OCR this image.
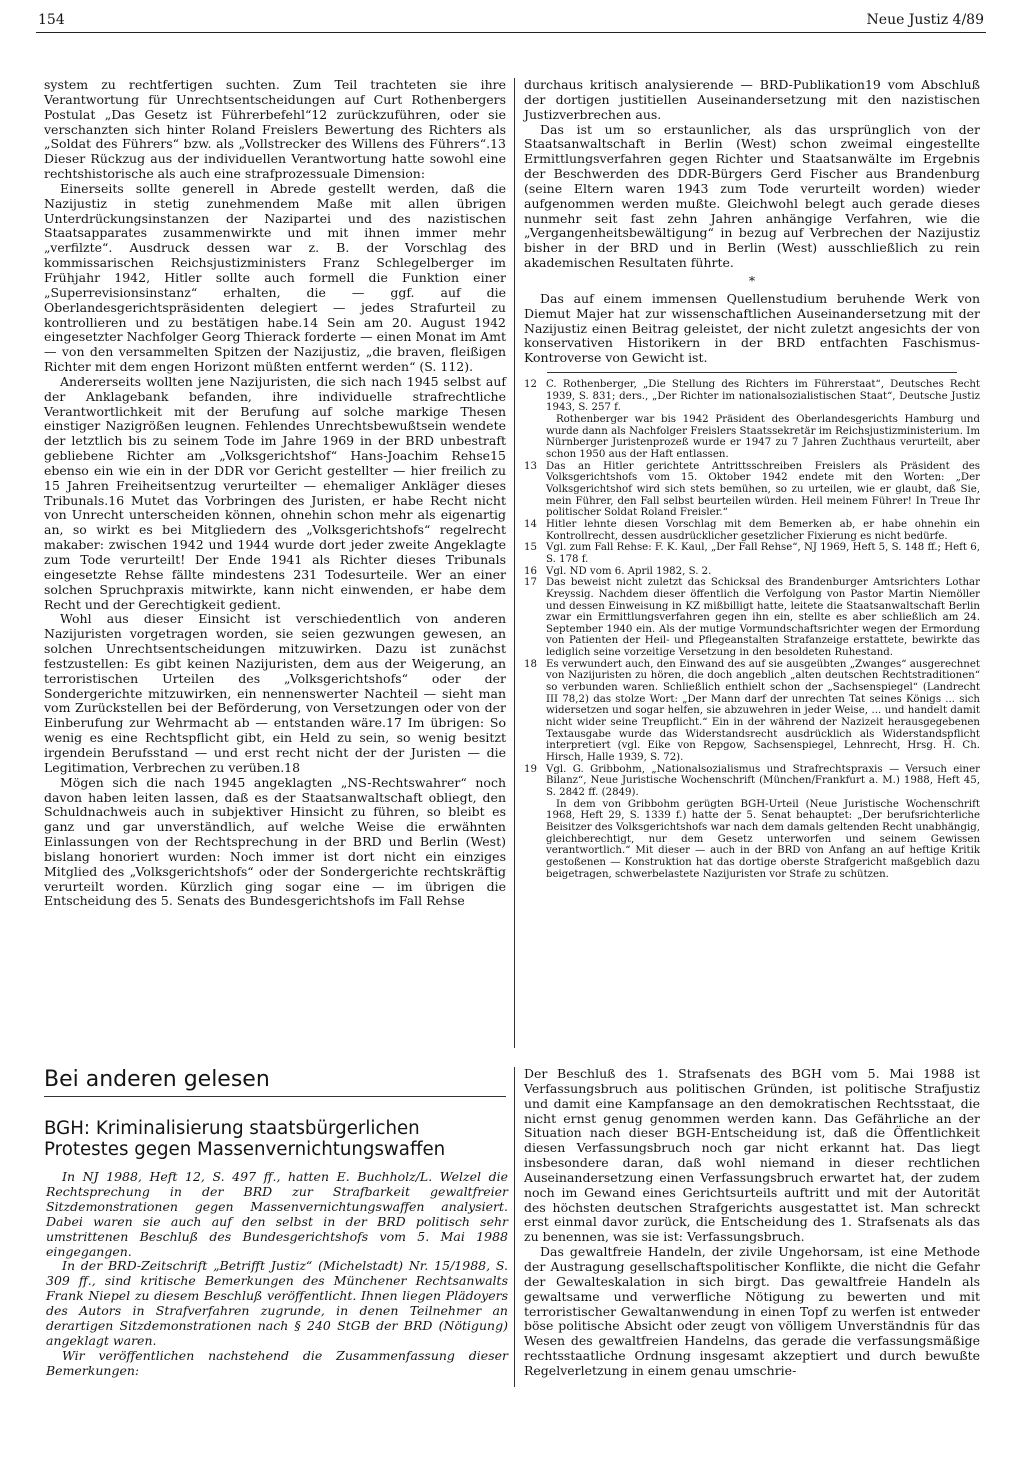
154	Neue Justiz 4/89

system zu rechtfertigen suchten. Zum Teil trachteten sie ihre Verantwortung für Unrechtsentscheidungen auf Curt Rothenbergers Postulat „Das Gesetz ist Führerbefehl“12 zurückzuführen, oder sie verschanzten sich hinter Roland Freislers Bewertung des Richters als „Soldat des Führers“ bzw. als „Vollstrecker des Willens des Führers“.13 Dieser Rückzug aus der individuellen Verantwortung hatte sowohl eine rechtshistorische als auch eine strafprozessuale Dimension:

Einerseits sollte generell in Abrede gestellt werden, daß die Nazijustiz in stetig zunehmendem Maße mit allen übrigen Unterdrückungsinstanzen der Nazipartei und des nazistischen Staatsapparates zusammenwirkte und mit ihnen immer mehr „verfilzte“. Ausdruck dessen war z. B. der Vorschlag des kommissarischen Reichsjustizministers Franz Schlegelberger im Frühjahr 1942, Hitler sollte auch formell die Funktion einer „Superrevisionsinstanz“ erhalten, die — ggf. auf die Oberlandesgerichtspräsidenten delegiert — jedes Strafurteil zu kontrollieren und zu bestätigen habe.14 Sein am 20. August 1942 eingesetzter Nachfolger Georg Thierack forderte — einen Monat im Amt — von den versammelten Spitzen der Nazijustiz, „die braven, fleißigen Richter mit dem engen Horizont müßten entfernt werden“ (S. 112).

Andererseits wollten jene Nazijuristen, die sich nach 1945 selbst auf der Anklagebank befanden, ihre individuelle strafrechtliche Verantwortlichkeit mit der Berufung auf solche markige Thesen einstiger Nazigrößen leugnen. Fehlendes Unrechtsbewußtsein wendete der letztlich bis zu seinem Tode im Jahre 1969 in der BRD unbestraft gebliebene Richter am „Volksgerichtshof“ Hans-Joachim Rehse15 ebenso ein wie ein in der DDR vor Gericht gestellter — hier freilich zu 15 Jahren Freiheitsentzug verurteilter — ehemaliger Ankläger dieses Tribunals.16 Mutet das Vorbringen des Juristen, er habe Recht nicht von Unrecht unterscheiden können, ohnehin schon mehr als eigenartig an, so wirkt es bei Mitgliedern des „Volksgerichtshofs“ regelrecht makaber: zwischen 1942 und 1944 wurde dort jeder zweite Angeklagte zum Tode verurteilt! Der Ende 1941 als Richter dieses Tribunals eingesetzte Rehse fällte mindestens 231 Todesurteile. Wer an einer solchen Spruchpraxis mitwirkte, kann nicht einwenden, er habe dem Recht und der Gerechtigkeit gedient.

Wohl aus dieser Einsicht ist verschiedentlich von anderen Nazijuristen vorgetragen worden, sie seien gezwungen gewesen, an solchen Unrechtsentscheidungen mitzuwirken. Dazu ist zunächst festzustellen: Es gibt keinen Nazijuristen, dem aus der Weigerung, an terroristischen Urteilen des „Volksgerichtshofs“ oder der Sondergerichte mitzuwirken, ein nennenswerter Nachteil — sieht man vom Zurückstellen bei der Beförderung, von Versetzungen oder von der Einberufung zur Wehrmacht ab — entstanden wäre.17 Im übrigen: So wenig es eine Rechtspflicht gibt, ein Held zu sein, so wenig besitzt irgendein Berufsstand — und erst recht nicht der der Juristen — die Legitimation, Verbrechen zu verüben.18

Mögen sich die nach 1945 angeklagten „NS-Rechtswahrer“ noch davon haben leiten lassen, daß es der Staatsanwaltschaft obliegt, den Schuldnachweis auch in subjektiver Hinsicht zu führen, so bleibt es ganz und gar unverständlich, auf welche Weise die erwähnten Einlassungen von der Rechtsprechung in der BRD und Berlin (West) bislang honoriert wurden: Noch immer ist dort nicht ein einziges Mitglied des „Volksgerichtshofs“ oder der Sondergerichte rechtskräftig verurteilt worden. Kürzlich ging sogar eine — im übrigen die Entscheidung des 5. Senats des Bundesgerichtshofs im Fall Rehse

durchaus kritisch analysierende — BRD-Publikation19 vom Abschluß der dortigen justitiellen Auseinandersetzung mit den nazistischen Justizverbrechen aus.

Das ist um so erstaunlicher, als das ursprünglich von der Staatsanwaltschaft in Berlin (West) schon zweimal eingestellte Ermittlungsverfahren gegen Richter und Staatsanwälte im Ergebnis der Beschwerden des DDR-Bürgers Gerd Fischer aus Brandenburg (seine Eltern waren 1943 zum Tode verurteilt worden) wieder aufgenommen werden mußte. Gleichwohl belegt auch gerade dieses nunmehr seit fast zehn Jahren anhängige Verfahren, wie die „Vergangenheitsbewältigung“ in bezug auf Verbrechen der Nazijustiz bisher in der BRD und in Berlin (West) ausschließlich zu rein akademischen Resultaten führte.

*

Das auf einem immensen Quellenstudium beruhende Werk von Diemut Majer hat zur wissenschaftlichen Auseinandersetzung mit der Nazijustiz einen Beitrag geleistet, der nicht zuletzt angesichts der von konservativen Historikern in der BRD entfachten Faschismus-Kontroverse von Gewicht ist.

12 C. Rothenberger, „Die Stellung des Richters im Führerstaat“, Deutsches Recht 1939, S. 831; ders., „Der Richter im nationalsozialistischen Staat“, Deutsche Justiz 1943, S. 257 f.
Rothenberger war bis 1942 Präsident des Oberlandesgerichts Hamburg und wurde dann als Nachfolger Freislers Staatssekretär im Reichsjustizministerium. Im Nürnberger Juristenprozeß wurde er 1947 zu 7 Jahren Zuchthaus verurteilt, aber schon 1950 aus der Haft entlassen.
13 Das an Hitler gerichtete Antrittsschreiben Freislers als Präsident des Volksgerichtshofs vom 15. Oktober 1942 endete mit den Worten: „Der Volksgerichtshof wird sich stets bemühen, so zu urteilen, wie er glaubt, daß Sie, mein Führer, den Fall selbst beurteilen würden. Heil meinem Führer! In Treue Ihr politischer Soldat Roland Freisler.“
14 Hitler lehnte diesen Vorschlag mit dem Bemerken ab, er habe ohnehin ein Kontrollrecht, dessen ausdrücklicher gesetzlicher Fixierung es nicht bedürfe.
15 Vgl. zum Fall Rehse: F. K. Kaul, „Der Fall Rehse“, NJ 1969, Heft 5, S. 148 ff.; Heft 6, S. 178 f.
16 Vgl. ND vom 6. April 1982, S. 2.
17 Das beweist nicht zuletzt das Schicksal des Brandenburger Amtsrichters Lothar Kreyssig. Nachdem dieser öffentlich die Verfolgung von Pastor Martin Niemöller und dessen Einweisung in KZ mißbilligt hatte, leitete die Staatsanwaltschaft Berlin zwar ein Ermittlungsverfahren gegen ihn ein, stellte es aber schließlich am 24. September 1940 ein. Als der mutige Vormundschaftsrichter wegen der Ermordung von Patienten der Heil- und Pflegeanstalten Strafanzeige erstattete, bewirkte das lediglich seine vorzeitige Versetzung in den besoldeten Ruhestand.
18 Es verwundert auch, den Einwand des auf sie ausgeübten „Zwanges“ ausgerechnet von Nazijuristen zu hören, die doch angeblich „alten deutschen Rechtstraditionen“ so verbunden waren. Schließlich enthielt schon der „Sachsenspiegel“ (Landrecht III 78,2) das stolze Wort: „Der Mann darf der unrechten Tat seines Königs ... sich widersetzen und sogar helfen, sie abzuwehren in jeder Weise, ... und handelt damit nicht wider seine Treupflicht.“ Ein in der während der Nazizeit herausgegebenen Textausgabe wurde das Widerstandsrecht ausdrücklich als Widerstandspflicht interpretiert (vgl. Eike von Repgow, Sachsenspiegel, Lehnrecht, Hrsg. H. Ch. Hirsch, Halle 1939, S. 72).
19 Vgl. G. Gribbohm, „Nationalsozialismus und Strafrechtspraxis — Versuch einer Bilanz“, Neue Juristische Wochenschrift (München/Frankfurt a. M.) 1988, Heft 45, S. 2842 ff. (2849).
In dem von Gribbohm gerügten BGH-Urteil (Neue Juristische Wochenschrift 1968, Heft 29, S. 1339 f.) hatte der 5. Senat behauptet: „Der berufsrichterliche Beisitzer des Volksgerichtshofs war nach dem damals geltenden Recht unabhängig, gleichberechtigt, nur dem Gesetz unterworfen und seinem Gewissen verantwortlich.“ Mit dieser — auch in der BRD von Anfang an auf heftige Kritik gestoßenen — Konstruktion hat das dortige oberste Strafgericht maßgeblich dazu beigetragen, schwerbelastete Nazijuristen vor Strafe zu schützen.
Bei anderen gelesen
BGH: Kriminalisierung staatsbürgerlichen Protestes gegen Massenvernichtungswaffen

In NJ 1988, Heft 12, S. 497 ff., hatten E. Buchholz/L. Welzel die Rechtsprechung in der BRD zur Strafbarkeit gewaltfreier Sitzdemonstrationen gegen Massenvernichtungswaffen analysiert. Dabei waren sie auch auf den selbst in der BRD politisch sehr umstrittenen Beschluß des Bundesgerichtshofs vom 5. Mai 1988 eingegangen.

In der BRD-Zeitschrift „Betrifft Justiz“ (Michelstadt) Nr. 15/1988, S. 309 ff., sind kritische Bemerkungen des Münchener Rechtsanwalts Frank Niepel zu diesem Beschluß veröffentlicht. Ihnen liegen Plädoyers des Autors in Strafverfahren zugrunde, in denen Teilnehmer an derartigen Sitzdemonstrationen nach § 240 StGB der BRD (Nötigung) angeklagt waren.

Wir veröffentlichen nachstehend die Zusammenfassung dieser Bemerkungen:

Der Beschluß des 1. Strafsenats des BGH vom 5. Mai 1988 ist Verfassungsbruch aus politischen Gründen, ist politische Strafjustiz und damit eine Kampfansage an den demokratischen Rechtsstaat, die nicht ernst genug genommen werden kann. Das Gefährliche an der Situation nach dieser BGH-Entscheidung ist, daß die Öffentlichkeit diesen Verfassungsbruch noch gar nicht erkannt hat. Das liegt insbesondere daran, daß wohl niemand in dieser rechtlichen Auseinandersetzung einen Verfassungsbruch erwartet hat, der zudem noch im Gewand eines Gerichtsurteils auftritt und mit der Autorität des höchsten deutschen Strafgerichts ausgestattet ist. Man schreckt erst einmal davor zurück, die Entscheidung des 1. Strafsenats als das zu benennen, was sie ist: Verfassungsbruch.

Das gewaltfreie Handeln, der zivile Ungehorsam, ist eine Methode der Austragung gesellschaftspolitischer Konflikte, die nicht die Gefahr der Gewalteskalation in sich birgt. Das gewaltfreie Handeln als gewaltsame und verwerfliche Nötigung zu bewerten und mit terroristischer Gewaltanwendung in einen Topf zu werfen ist entweder böse politische Absicht oder zeugt von völligem Unverständnis für das Wesen des gewaltfreien Handelns, das gerade die verfassungsmäßige rechtsstaatliche Ordnung insgesamt akzeptiert und durch bewußte Regelverletzung in einem genau umschrie-
